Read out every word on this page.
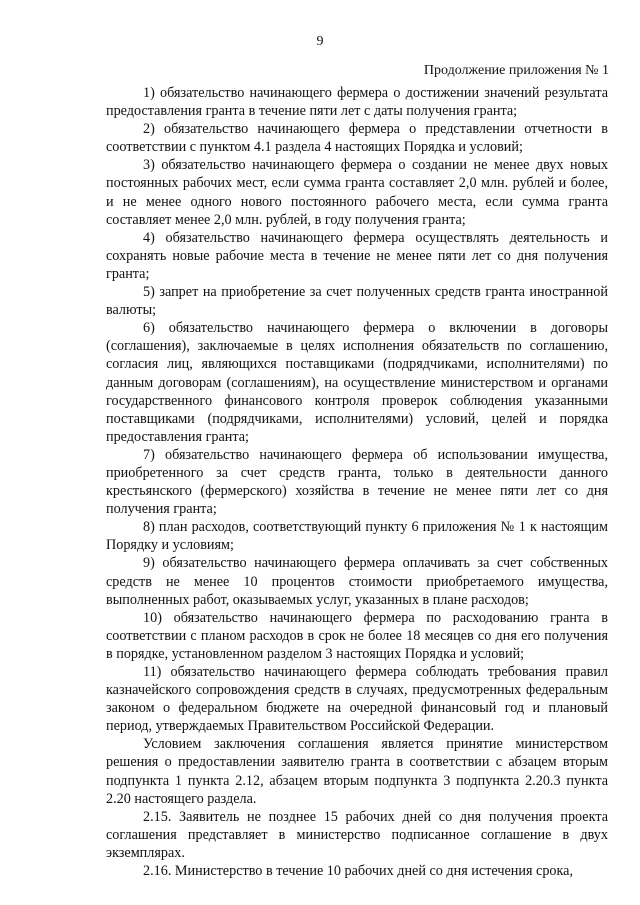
9
Продолжение приложения № 1

1) обязательство начинающего фермера о достижении значений результата предоставления гранта в течение пяти лет с даты получения гранта;

2) обязательство начинающего фермера о представлении отчетности в соответствии с пунктом 4.1 раздела 4 настоящих Порядка и условий;

3) обязательство начинающего фермера о создании не менее двух новых постоянных рабочих мест, если сумма гранта составляет 2,0 млн. рублей и более, и не менее одного нового постоянного рабочего места, если сумма гранта составляет менее 2,0 млн. рублей, в году получения гранта;

4) обязательство начинающего фермера осуществлять деятельность и сохранять новые рабочие места в течение не менее пяти лет со дня получения гранта;

5) запрет на приобретение за счет полученных средств гранта иностранной валюты;

6) обязательство начинающего фермера о включении в договоры (соглашения), заключаемые в целях исполнения обязательств по соглашению, согласия лиц, являющихся поставщиками (подрядчиками, исполнителями) по данным договорам (соглашениям), на осуществление министерством и органами государственного финансового контроля проверок соблюдения указанными поставщиками (подрядчиками, исполнителями) условий, целей и порядка предоставления гранта;

7) обязательство начинающего фермера об использовании имущества, приобретенного за счет средств гранта, только в деятельности данного крестьянского (фермерского) хозяйства в течение не менее пяти лет со дня получения гранта;

8) план расходов, соответствующий пункту 6 приложения № 1 к настоящим Порядку и условиям;

9) обязательство начинающего фермера оплачивать за счет собственных средств не менее 10 процентов стоимости приобретаемого имущества, выполненных работ, оказываемых услуг, указанных в плане расходов;

10) обязательство начинающего фермера по расходованию гранта в соответствии с планом расходов в срок не более 18 месяцев со дня его получения в порядке, установленном разделом 3 настоящих Порядка и условий;

11) обязательство начинающего фермера соблюдать требования правил казначейского сопровождения средств в случаях, предусмотренных федеральным законом о федеральном бюджете на очередной финансовый год и плановый период, утверждаемых Правительством Российской Федерации.

Условием заключения соглашения является принятие министерством решения о предоставлении заявителю гранта в соответствии с абзацем вторым подпункта 1 пункта 2.12, абзацем вторым подпункта 3 подпункта 2.20.3 пункта 2.20 настоящего раздела.

2.15. Заявитель не позднее 15 рабочих дней со дня получения проекта соглашения представляет в министерство подписанное соглашение в двух экземплярах.

2.16. Министерство в течение 10 рабочих дней со дня истечения срока,
